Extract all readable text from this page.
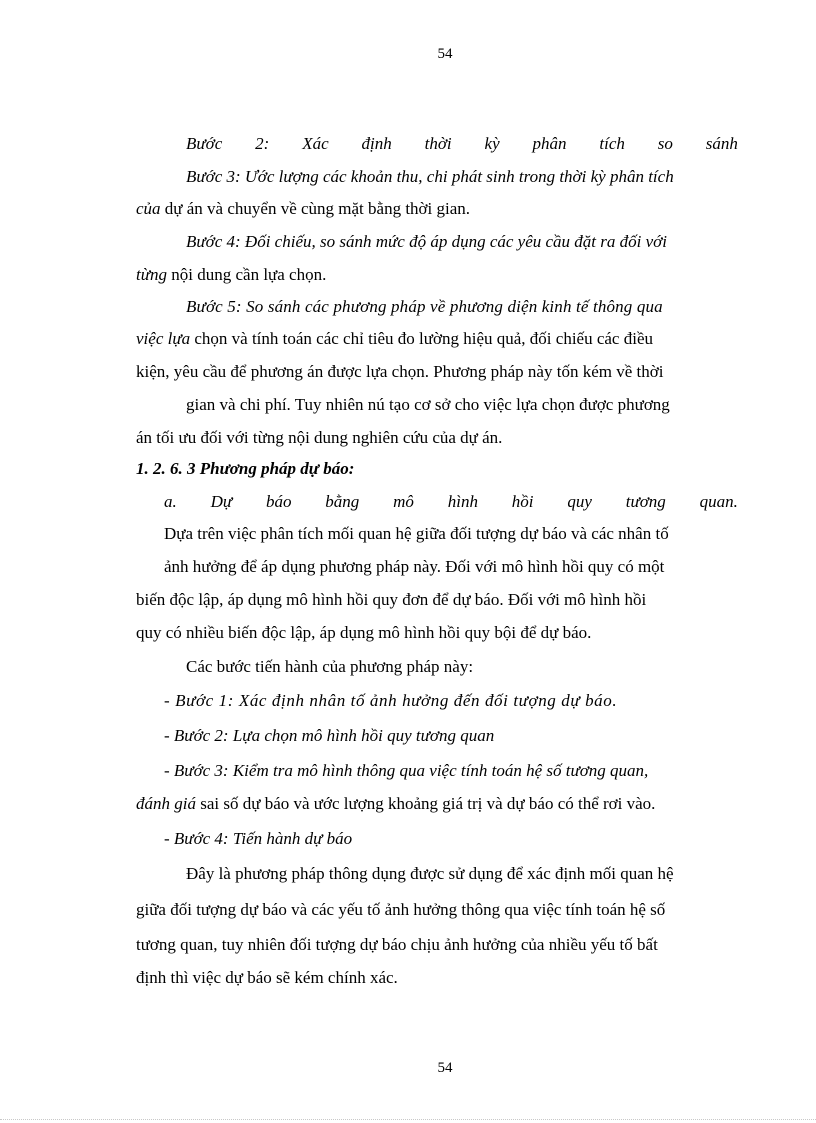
54
Bước 2: Xác định thời kỳ phân tích so sánh
Bước 3: Ước lượng các khoản thu, chi phát sinh trong thời kỳ phân tích
của dự án và chuyển về cùng mặt bằng thời gian.
Bước 4: Đối chiếu, so sánh mức độ áp dụng các yêu cầu đặt ra đối với
từng nội dung cần lựa chọn.
Bước 5: So sánh các phương pháp về phương diện kinh tế thông qua
việc lựa chọn và tính toán các chỉ tiêu đo lường hiệu quả, đối chiếu các điều
kiện, yêu cầu để phương án được lựa chọn. Phương pháp này tốn kém về thời
gian và chi phí. Tuy nhiên nú tạo cơ sở cho việc lựa chọn được phương
án tối ưu đối với từng nội dung nghiên cứu của dự án.
1. 2. 6. 3 Phương pháp dự báo:
a. Dự báo bằng mô hình hồi quy tương quan.
Dựa trên việc phân tích mối quan hệ giữa đối tượng dự báo và các nhân tố
ảnh hưởng để áp dụng phương pháp này. Đối với mô hình hồi quy có một
biến độc lập, áp dụng mô hình hồi quy đơn để dự báo. Đối với mô hình hồi
quy có nhiều biến độc lập, áp dụng mô hình hồi quy bội để dự báo.
Các bước tiến hành của phương pháp này:
- Bước 1: Xác định nhân tố ảnh hưởng đến đối tượng dự báo.
- Bước 2: Lựa chọn mô hình hồi quy tương quan
- Bước 3: Kiểm tra mô hình thông qua việc tính toán hệ số tương quan,
đánh giá sai số dự báo và ước lượng khoảng giá trị và dự báo có thể rơi vào.
- Bước 4: Tiến hành dự báo
Đây là phương pháp thông dụng được sử dụng để xác định mối quan hệ
giữa đối tượng dự báo và các yếu tố ảnh hưởng thông qua việc tính toán hệ số
tương quan, tuy nhiên đối tượng dự báo chịu ảnh hưởng của nhiều yếu tố bất
định thì việc dự báo sẽ kém chính xác.
54
